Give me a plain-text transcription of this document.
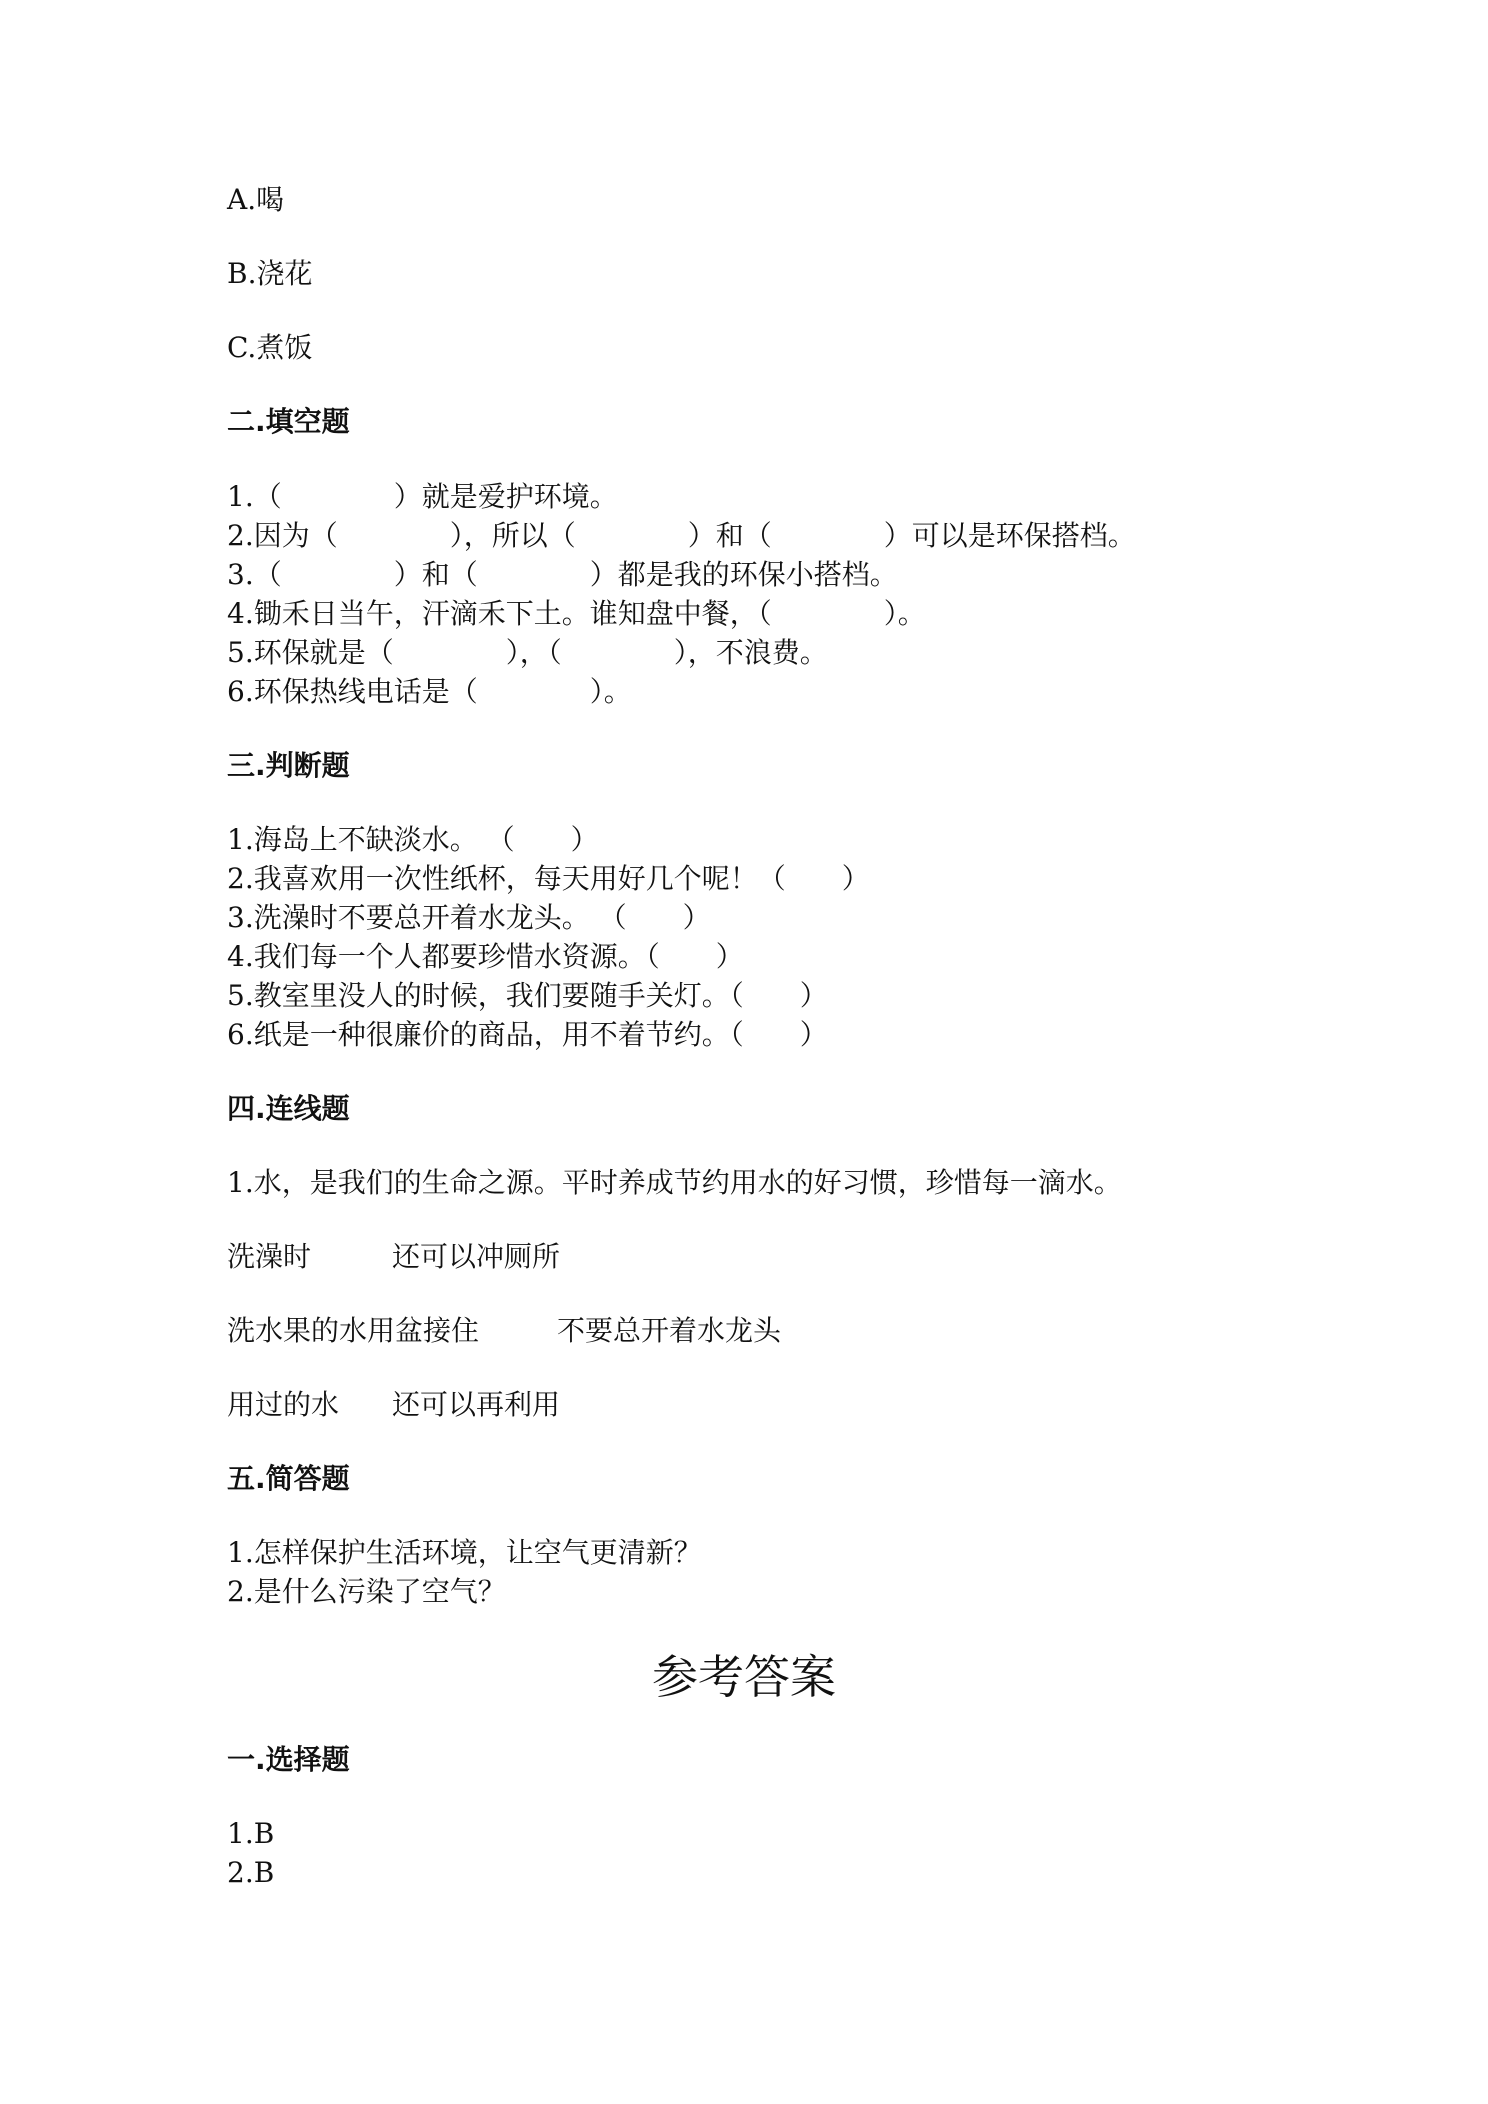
A.喝
B.浇花
C.煮饭
二.填空题
1.（　　　　）就是爱护环境。
2.因为（　　　　），所以（　　　　）和（　　　　）可以是环保搭档。
3.（　　　　）和（　　　　）都是我的环保小搭档。
4.锄禾日当午，汗滴禾下土。谁知盘中餐，（　　　　）。
5.环保就是（　　　　），（　　　　），不浪费。
6.环保热线电话是（　　　　）。
三.判断题
1.海岛上不缺淡水。 （　　）
2.我喜欢用一次性纸杯，每天用好几个呢！（　　）
3.洗澡时不要总开着水龙头。 （　　）
4.我们每一个人都要珍惜水资源。（　　）
5.教室里没人的时候，我们要随手关灯。（　　）
6.纸是一种很廉价的商品，用不着节约。（　　）
四.连线题
1.水，是我们的生命之源。平时养成节约用水的好习惯，珍惜每一滴水。
洗澡时	还可以冲厕所
洗水果的水用盆接住	不要总开着水龙头
用过的水 还可以再利用
五.简答题
1.怎样保护生活环境，让空气更清新？
2.是什么污染了空气？
参考答案
一.选择题
1.B
2.B
